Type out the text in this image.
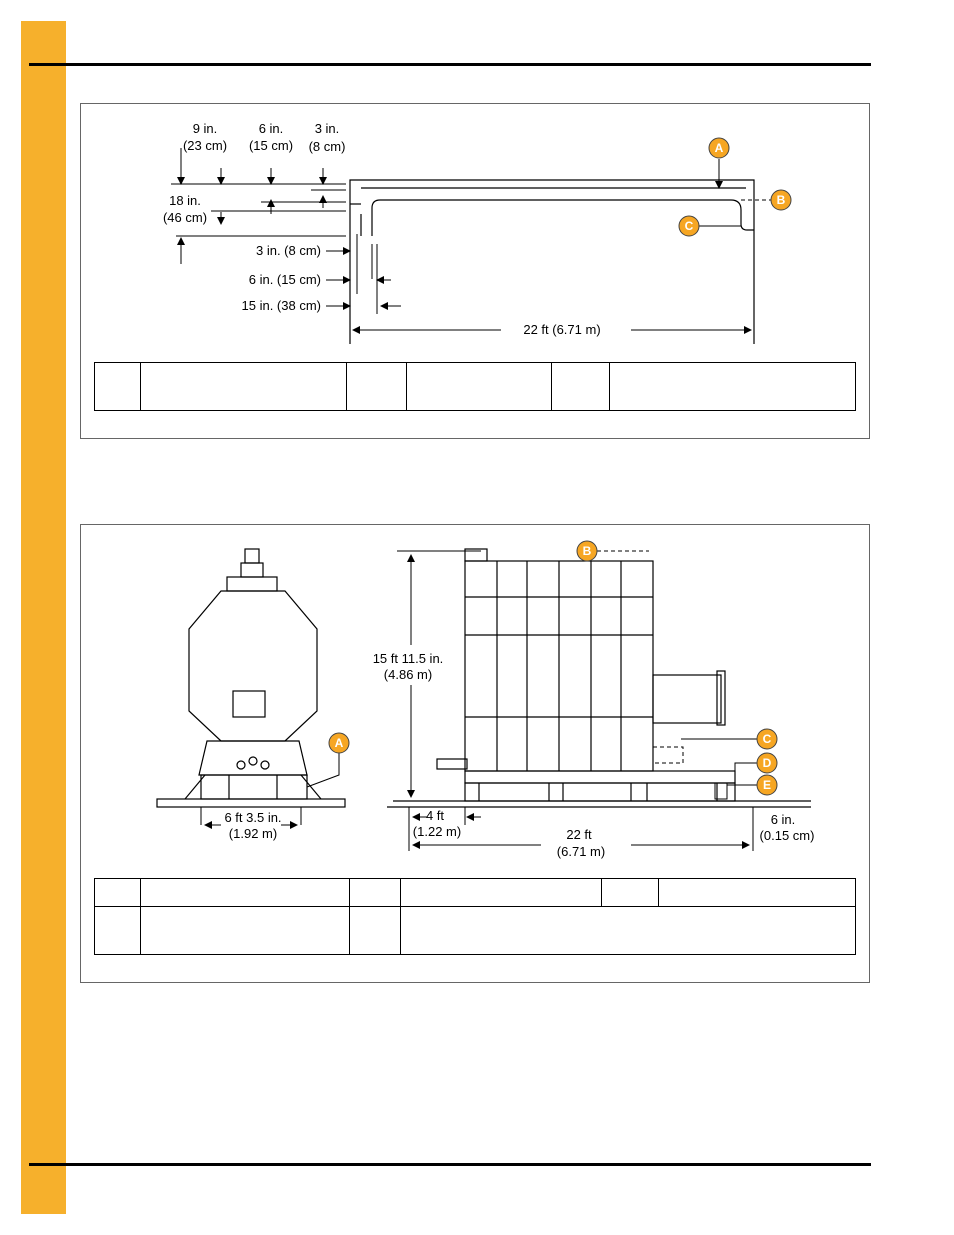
9 in.
(23 cm)
6 in.
(15 cm)
3 in.
(8 cm)
18 in.
(46 cm)
3 in. (8 cm)
6 in. (15 cm)
15 in. (38 cm)
22 ft (6.71 m)
A
B
C

6 ft 3.5 in.
(1.92 m)
15 ft 11.5 in.
(4.86 m)
4 ft
(1.22 m)	22 ft
(6.71 m)
6 in.
(0.15 cm)
A
B
C
D
E
